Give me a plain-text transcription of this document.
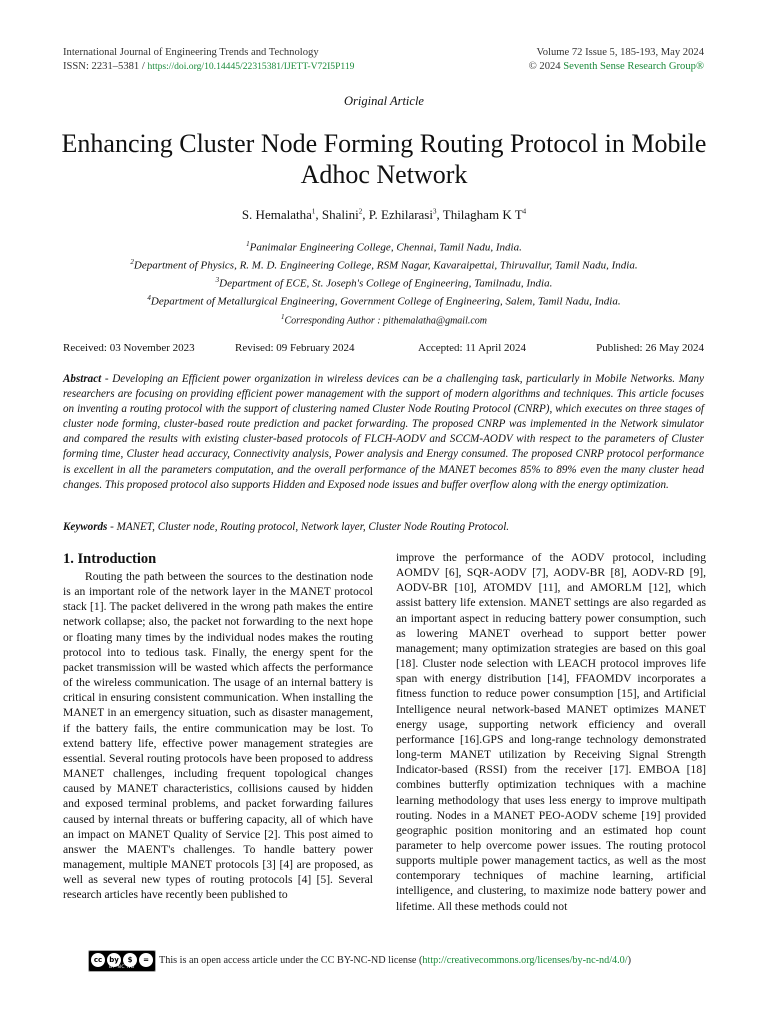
International Journal of Engineering Trends and Technology
ISSN: 2231–5381 / https://doi.org/10.14445/22315381/IJETT-V72I5P119
Volume 72 Issue 5, 185-193, May 2024
© 2024 Seventh Sense Research Group®
Original Article
Enhancing Cluster Node Forming Routing Protocol in Mobile Adhoc Network
S. Hemalatha$^1$, Shalini$^2$, P. Ezhilarasi$^3$, Thilagham K $T^4$
$^1$Panimalar Engineering College, Chennai, Tamil Nadu, India.
$^2$Department of Physics, R. M. D. Engineering College, RSM Nagar, Kavaraipettai, Thiruvallur, Tamil Nadu, India.
$^3$Department of ECE, St. Joseph's College of Engineering, Tamilnadu, India.
$^4$Department of Metallurgical Engineering, Government College of Engineering, Salem, Tamil Nadu, India.
$^1$Corresponding Author : pithemalatha@gmail.com
Received: 03 November 2023	Revised: 09 February 2024	Accepted: 11 April 2024	Published: 26 May 2024

Abstract - Developing an Efficient power organization in wireless devices can be a challenging task, particularly in Mobile Networks. Many researchers are focusing on providing efficient power management with the support of modern algorithms and techniques. This article focuses on inventing a routing protocol with the support of clustering named Cluster Node Routing Protocol (CNRP), which executes on three stages of cluster node forming, cluster-based route prediction and packet forwarding. The proposed CNRP was implemented in the Network simulator and compared the results with existing cluster-based protocols of FLCH-AODV and SCCM-AODV with respect to the parameters of Cluster forming time, Cluster head accuracy, Connectivity analysis, Power analysis and Energy consumed. The proposed CNRP protocol performance is excellent in all the parameters computation, and the overall performance of the MANET becomes 85% to 89% even the many cluster head changes. This proposed protocol also supports Hidden and Exposed node issues and buffer overflow along with the energy optimization.

Keywords - MANET, Cluster node, Routing protocol, Network layer, Cluster Node Routing Protocol.

1. Introduction

Routing the path between the sources to the destination node is an important role of the network layer in the MANET protocol stack [1]. The packet delivered in the wrong path makes the entire network collapse; also, the packet not forwarding to the next hope or floating many times by the individual nodes makes the routing protocol into to tedious task. Finally, the energy spent for the packet transmission will be wasted which affects the performance of the wireless communication. The usage of an internal battery is critical in ensuring consistent communication. When installing the MANET in an emergency situation, such as disaster management, if the battery fails, the entire communication may be lost. To extend battery life, effective power management strategies are essential. Several routing protocols have been proposed to address MANET challenges, including frequent topological changes caused by MANET characteristics, collisions caused by hidden and exposed terminal problems, and packet forwarding failures caused by internal threats or buffering capacity, all of which have an impact on MANET Quality of Service [2]. This post aimed to answer the MAENT's challenges. To handle battery power management, multiple MANET protocols [3] [4] are proposed, as well as several new types of routing protocols [4] [5]. Several research articles have recently been published to

improve the performance of the AODV protocol, including AOMDV [6], SQR-AODV [7], AODV-BR [8], AODV-RD [9], AODV-BR [10], ATOMDV [11], and AMORLM [12], which assist battery life extension. MANET settings are also regarded as an important aspect in reducing battery power consumption, such as lowering MANET overhead to support better power management; many optimization strategies are based on this goal [18]. Cluster node selection with LEACH protocol improves life span with energy distribution [14], FFAOMDV incorporates a fitness function to reduce power consumption [15], and Artificial Intelligence neural network-based MANET optimizes MANET energy usage, supporting network efficiency and overall performance [16].GPS and long-range technology demonstrated long-term MANET utilization by Receiving Signal Strength Indicator-based (RSSI) from the receiver [17]. EMBOA [18] combines butterfly optimization techniques with a machine learning methodology that uses less energy to improve multipath routing. Nodes in a MANET PEO-AODV scheme [19] provided geographic position monitoring and an estimated hop count parameter to help overcome power issues. The routing protocol supports multiple power management tactics, as well as the most contemporary techniques of machine learning, artificial intelligence, and clustering, to maximize node battery power and lifetime. All these methods could not

cc	by	$	=
BY NC ND
This is an open access article under the CC BY-NC-ND license (http://creativecommons.org/licenses/by-nc-nd/4.0/)
